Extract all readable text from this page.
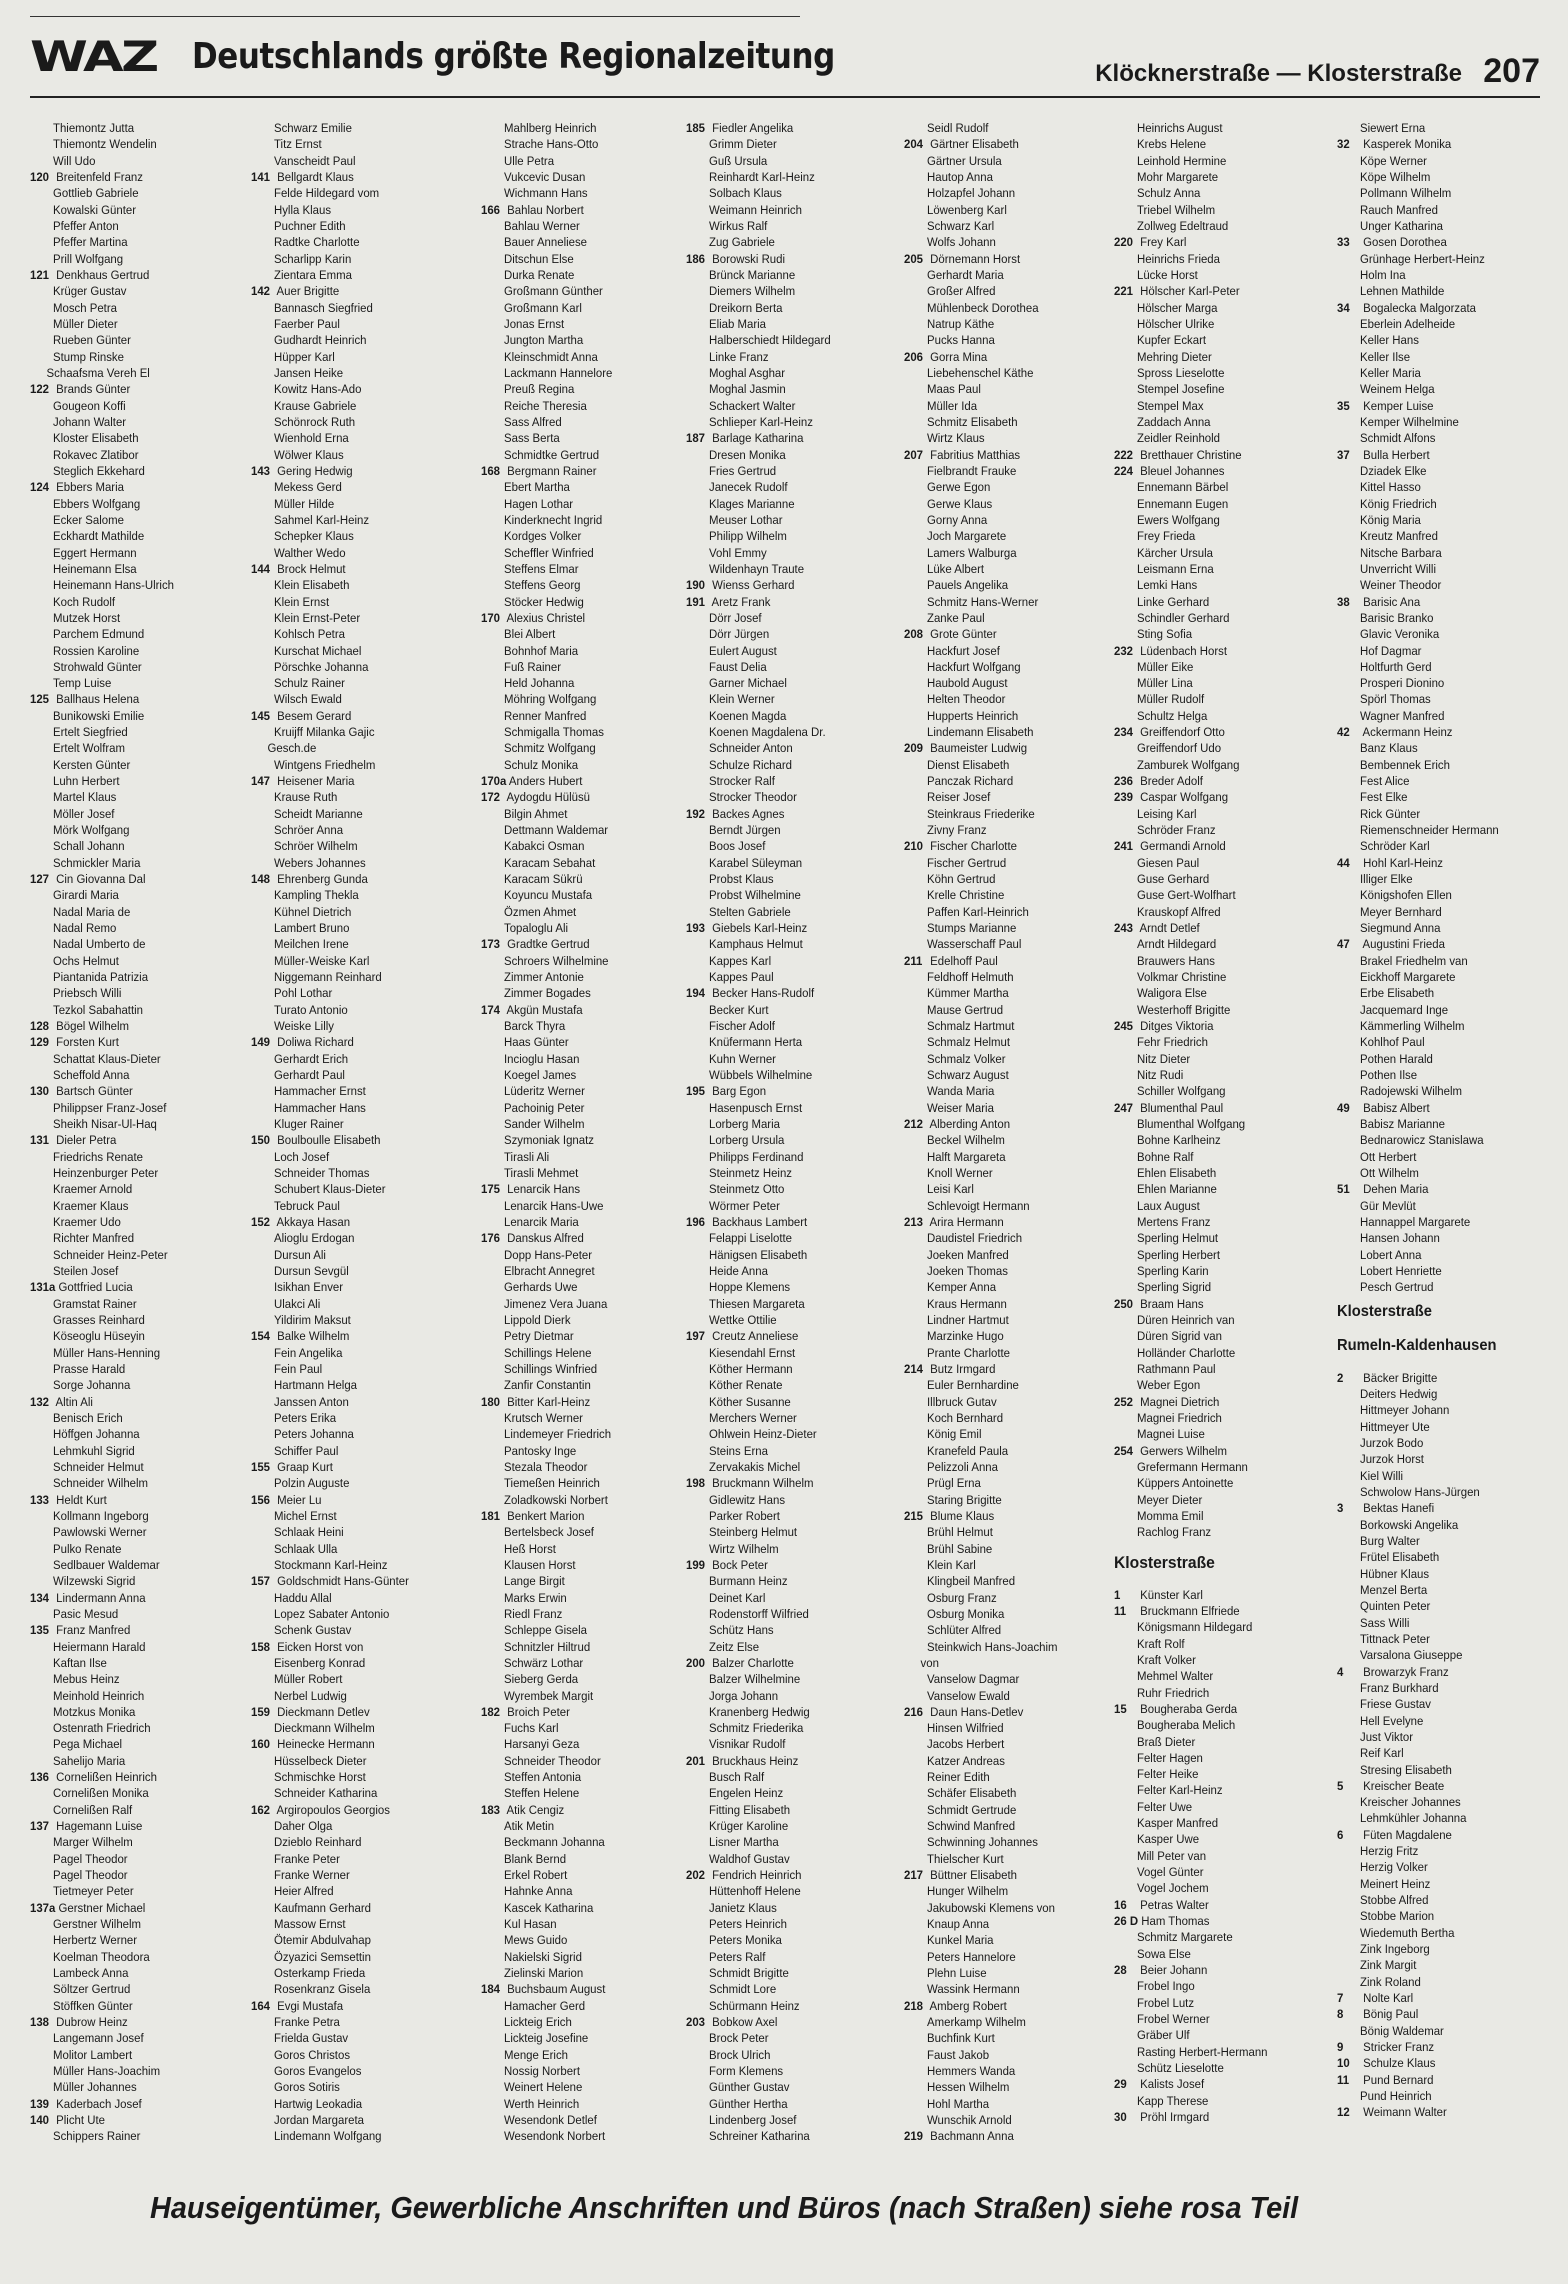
WAZ Deutschlands größte Regionalzeitung	Klöcknerstraße — Klosterstraße 207
Thiemontz Jutta
Thiemontz Wendelin
Will Udo
120 Breitenfeld Franz
Gottlieb Gabriele
Kowalski Günter
Pfeffer Anton
Pfeffer Martina
Prill Wolfgang
121 Denkhaus Gertrud
Krüger Gustav
Mosch Petra
Müller Dieter
Rueben Günter
Stump Rinske
Schaafsma Vereh El
122 Brands Günter
Gougeon Koffi
Johann Walter
Kloster Elisabeth
Rokavec Zlatibor
Steglich Ekkehard
124 Ebbers Maria
Ebbers Wolfgang
Ecker Salome
Eckhardt Mathilde
Eggert Hermann
Heinemann Elsa
Heinemann Hans-Ulrich
Koch Rudolf
Mutzek Horst
Parchem Edmund
Rossien Karoline
Strohwald Günter
Temp Luise
125 Ballhaus Helena
Bunikowski Emilie
Ertelt Siegfried
Ertelt Wolfram
Kersten Günter
Luhn Herbert
Martel Klaus
Möller Josef
Mörk Wolfgang
Schall Johann
Schmickler Maria
127 Cin Giovanna Dal
Girardi Maria
Nadal Maria de
Nadal Remo
Nadal Umberto de
Ochs Helmut
Piantanida Patrizia
Priebsch Willi
Tezkol Sabahattin
128 Bögel Wilhelm
129 Forsten Kurt
Schattat Klaus-Dieter
Scheffold Anna
130 Bartsch Günter
Philippser Franz-Josef
Sheikh Nisar-Ul-Haq
131 Dieler Petra
Friedrichs Renate
Heinzenburger Peter
Kraemer Arnold
Kraemer Klaus
Kraemer Udo
Richter Manfred
Schneider Heinz-Peter
Steilen Josef
131a Gottfried Lucia
Gramstat Rainer
Grasses Reinhard
Köseoglu Hüseyin
Müller Hans-Henning
Prasse Harald
Sorge Johanna
132 Altin Ali
Benisch Erich
Höffgen Johanna
Lehmkuhl Sigrid
Schneider Helmut
Schneider Wilhelm
133 Heldt Kurt
Kollmann Ingeborg
Pawlowski Werner
Pulko Renate
Sedlbauer Waldemar
Wilzewski Sigrid
134 Lindermann Anna
Pasic Mesud
135 Franz Manfred
Heiermann Harald
Kaftan Ilse
Mebus Heinz
Meinhold Heinrich
Motzkus Monika
Ostenrath Friedrich
Pega Michael
Sahelijo Maria
136 Cornelißen Heinrich
Cornelißen Monika
Cornelißen Ralf
137 Hagemann Luise
Marger Wilhelm
Pagel Theodor
Pagel Theodor
Tietmeyer Peter
137a Gerstner Michael
Gerstner Wilhelm
Herbertz Werner
Koelman Theodora
Lambeck Anna
Söltzer Gertrud
Stöffken Günter
138 Dubrow Heinz
Langemann Josef
Molitor Lambert
Müller Hans-Joachim
Müller Johannes
139 Kaderbach Josef
140 Plicht Ute
Schippers Rainer
Schwarz Emilie
Titz Ernst
Vanscheidt Paul
141 Bellgardt Klaus
Felde Hildegard vom
Hylla Klaus
Puchner Edith
Radtke Charlotte
Scharlipp Karin
Zientara Emma
142 Auer Brigitte
Bannasch Siegfried
Faerber Paul
Gudhardt Heinrich
Hüpper Karl
Jansen Heike
Kowitz Hans-Ado
Krause Gabriele
Schönrock Ruth
Wienhold Erna
Wölwer Klaus
143 Gering Hedwig
Mekess Gerd
Müller Hilde
Sahmel Karl-Heinz
Schepker Klaus
Walther Wedo
144 Brock Helmut
Klein Elisabeth
Klein Ernst
Klein Ernst-Peter
Kohlsch Petra
Kurschat Michael
Pörschke Johanna
Schulz Rainer
Wilsch Ewald
145 Besem Gerard
Kruijff Milanka Gajic
Gesch.de
Wintgens Friedhelm
147 Heisener Maria
Krause Ruth
Scheidt Marianne
Schröer Anna
Schröer Wilhelm
Webers Johannes
148 Ehrenberg Gunda
Kampling Thekla
Kühnel Dietrich
Lambert Bruno
Meilchen Irene
Müller-Weiske Karl
Niggemann Reinhard
Pohl Lothar
Turato Antonio
Weiske Lilly
149 Doliwa Richard
Gerhardt Erich
Gerhardt Paul
Hammacher Ernst
Hammacher Hans
Kluger Rainer
150 Boulboulle Elisabeth
Loch Josef
Schneider Thomas
Schubert Klaus-Dieter
Tebruck Paul
152 Akkaya Hasan
Alioglu Erdogan
Dursun Ali
Dursun Sevgül
Isikhan Enver
Ulakci Ali
Yildirim Maksut
154 Balke Wilhelm
Fein Angelika
Fein Paul
Hartmann Helga
Janssen Anton
Peters Erika
Peters Johanna
Schiffer Paul
155 Graap Kurt
Polzin Auguste
156 Meier Lu
Michel Ernst
Schlaak Heini
Schlaak Ulla
Stockmann Karl-Heinz
157 Goldschmidt Hans-Günter
Haddu Allal
Lopez Sabater Antonio
Schenk Gustav
158 Eicken Horst von
Eisenberg Konrad
Müller Robert
Nerbel Ludwig
159 Dieckmann Detlev
Dieckmann Wilhelm
160 Heinecke Hermann
Hüsselbeck Dieter
Schmischke Horst
Schneider Katharina
162 Argiropoulos Georgios
Daher Olga
Dzieblo Reinhard
Franke Peter
Franke Werner
Heier Alfred
Kaufmann Gerhard
Massow Ernst
Ötemir Abdulvahap
Özyazici Semsettin
Osterkamp Frieda
Rosenkranz Gisela
164 Evgi Mustafa
Franke Petra
Frielda Gustav
Goros Christos
Goros Evangelos
Goros Sotiris
Hartwig Leokadia
Jordan Margareta
Lindemann Wolfgang
Mahlberg Heinrich
Strache Hans-Otto
Ulle Petra
Vukcevic Dusan
Wichmann Hans
166 Bahlau Norbert
Bahlau Werner
Bauer Anneliese
Ditschun Else
Durka Renate
Großmann Günther
Großmann Karl
Jonas Ernst
Jungton Martha
Kleinschmidt Anna
Lackmann Hannelore
Preuß Regina
Reiche Theresia
Sass Alfred
Sass Berta
Schmidtke Gertrud
168 Bergmann Rainer
Ebert Martha
Hagen Lothar
Kinderknecht Ingrid
Kordges Volker
Scheffler Winfried
Steffens Elmar
Steffens Georg
Stöcker Hedwig
170 Alexius Christel
Blei Albert
Bohnhof Maria
Fuß Rainer
Held Johanna
Möhring Wolfgang
Renner Manfred
Schmigalla Thomas
Schmitz Wolfgang
Schulz Monika
170a Anders Hubert
172 Aydogdu Hülüsü
Bilgin Ahmet
Dettmann Waldemar
Kabakci Osman
Karacam Sebahat
Karacam Sükrü
Koyuncu Mustafa
Özmen Ahmet
Topaloglu Ali
173 Gradtke Gertrud
Schroers Wilhelmine
Zimmer Antonie
Zimmer Bogades
174 Akgün Mustafa
Barck Thyra
Haas Günter
Incioglu Hasan
Koegel James
Lüderitz Werner
Pachoinig Peter
Sander Wilhelm
Szymoniak Ignatz
Tirasli Ali
Tirasli Mehmet
175 Lenarcik Hans
Lenarcik Hans-Uwe
Lenarcik Maria
176 Danskus Alfred
Dopp Hans-Peter
Elbracht Annegret
Gerhards Uwe
Jimenez Vera Juana
Lippold Dierk
Petry Dietmar
Schillings Helene
Schillings Winfried
Zanfir Constantin
180 Bitter Karl-Heinz
Krutsch Werner
Lindemeyer Friedrich
Pantosky Inge
Stezala Theodor
Tiemeßen Heinrich
Zoladkowski Norbert
181 Benkert Marion
Bertelsbeck Josef
Heß Horst
Klausen Horst
Lange Birgit
Marks Erwin
Riedl Franz
Schleppe Gisela
Schnitzler Hiltrud
Schwärz Lothar
Sieberg Gerda
Wyrembek Margit
182 Broich Peter
Fuchs Karl
Harsanyi Geza
Schneider Theodor
Steffen Antonia
Steffen Helene
183 Atik Cengiz
Atik Metin
Beckmann Johanna
Blank Bernd
Erkel Robert
Hahnke Anna
Kascek Katharina
Kul Hasan
Mews Guido
Nakielski Sigrid
Zielinski Marion
184 Buchsbaum August
Hamacher Gerd
Lickteig Erich
Lickteig Josefine
Menge Erich
Nossig Norbert
Weinert Helene
Werth Heinrich
Wesendonk Detlef
Wesendonk Norbert
185 Fiedler Angelika
Grimm Dieter
Guß Ursula
Reinhardt Karl-Heinz
Solbach Klaus
Weimann Heinrich
Wirkus Ralf
Zug Gabriele
186 Borowski Rudi
Brünck Marianne
Diemers Wilhelm
Dreikorn Berta
Eliab Maria
Halberschiedt Hildegard
Linke Franz
Moghal Asghar
Moghal Jasmin
Schackert Walter
Schlieper Karl-Heinz
187 Barlage Katharina
Dresen Monika
Fries Gertrud
Janecek Rudolf
Klages Marianne
Meuser Lothar
Philipp Wilhelm
Vohl Emmy
Wildenhayn Traute
190 Wienss Gerhard
191 Aretz Frank
Dörr Josef
Dörr Jürgen
Eulert August
Faust Delia
Garner Michael
Klein Werner
Koenen Magda
Koenen Magdalena Dr.
Schneider Anton
Schulze Richard
Strocker Ralf
Strocker Theodor
192 Backes Agnes
Berndt Jürgen
Boos Josef
Karabel Süleyman
Probst Klaus
Probst Wilhelmine
Stelten Gabriele
193 Giebels Karl-Heinz
Kamphaus Helmut
Kappes Karl
Kappes Paul
194 Becker Hans-Rudolf
Becker Kurt
Fischer Adolf
Knüfermann Herta
Kuhn Werner
Wübbels Wilhelmine
195 Barg Egon
Hasenpusch Ernst
Lorberg Maria
Lorberg Ursula
Philipps Ferdinand
Steinmetz Heinz
Steinmetz Otto
Wörmer Peter
196 Backhaus Lambert
Felappi Liselotte
Hänigsen Elisabeth
Heide Anna
Hoppe Klemens
Thiesen Margareta
Wettke Ottilie
197 Creutz Anneliese
Kiesendahl Ernst
Köther Hermann
Köther Renate
Köther Susanne
Merchers Werner
Ohlwein Heinz-Dieter
Steins Erna
Zervakakis Michel
198 Bruckmann Wilhelm
Gidlewitz Hans
Parker Robert
Steinberg Helmut
Wirtz Wilhelm
199 Bock Peter
Burmann Heinz
Deinet Karl
Rodenstorff Wilfried
Schütz Hans
Zeitz Else
200 Balzer Charlotte
Balzer Wilhelmine
Jorga Johann
Kranenberg Hedwig
Schmitz Friederika
Visnikar Rudolf
201 Bruckhaus Heinz
Busch Ralf
Engelen Heinz
Fitting Elisabeth
Krüger Karoline
Lisner Martha
Waldhof Gustav
202 Fendrich Heinrich
Hüttenhoff Helene
Janietz Klaus
Peters Heinrich
Peters Monika
Peters Ralf
Schmidt Brigitte
Schmidt Lore
Schürmann Heinz
203 Bobkow Axel
Brock Peter
Brock Ulrich
Form Klemens
Günther Gustav
Günther Hertha
Lindenberg Josef
Schreiner Katharina
Seidl Rudolf
204 Gärtner Elisabeth
Gärtner Ursula
Hautop Anna
Holzapfel Johann
Löwenberg Karl
Schwarz Karl
Wolfs Johann
205 Dörnemann Horst
Gerhardt Maria
Großer Alfred
Mühlenbeck Dorothea
Natrup Käthe
Pucks Hanna
206 Gorra Mina
Liebehenschel Käthe
Maas Paul
Müller Ida
Schmitz Elisabeth
Wirtz Klaus
207 Fabritius Matthias
Fielbrandt Frauke
Gerwe Egon
Gerwe Klaus
Gorny Anna
Joch Margarete
Lamers Walburga
Lüke Albert
Pauels Angelika
Schmitz Hans-Werner
Zanke Paul
208 Grote Günter
Hackfurt Josef
Hackfurt Wolfgang
Haubold August
Helten Theodor
Hupperts Heinrich
Lindemann Elisabeth
209 Baumeister Ludwig
Dienst Elisabeth
Panczak Richard
Reiser Josef
Steinkraus Friederike
Zivny Franz
210 Fischer Charlotte
Fischer Gertrud
Köhn Gertrud
Krelle Christine
Paffen Karl-Heinrich
Stumps Marianne
Wasserschaff Paul
211 Edelhoff Paul
Feldhoff Helmuth
Kümmer Martha
Mause Gertrud
Schmalz Hartmut
Schmalz Helmut
Schmalz Volker
Schwarz August
Wanda Maria
Weiser Maria
212 Alberding Anton
Beckel Wilhelm
Halft Margareta
Knoll Werner
Leisi Karl
Schlevoigt Hermann
213 Arira Hermann
Daudistel Friedrich
Joeken Manfred
Joeken Thomas
Kemper Anna
Kraus Hermann
Lindner Hartmut
Marzinke Hugo
Prante Charlotte
214 Butz Irmgard
Euler Bernhardine
Illbruck Gutav
Koch Bernhard
König Emil
Kranefeld Paula
Pelizzoli Anna
Prügl Erna
Staring Brigitte
215 Blume Klaus
Brühl Helmut
Brühl Sabine
Klein Karl
Klingbeil Manfred
Osburg Franz
Osburg Monika
Schlüter Alfred
Steinkwich Hans-Joachim
von
Vanselow Dagmar
Vanselow Ewald
216 Daun Hans-Detlev
Hinsen Wilfried
Jacobs Herbert
Katzer Andreas
Reiner Edith
Schäfer Elisabeth
Schmidt Gertrude
Schwind Manfred
Schwinning Johannes
Thielscher Kurt
217 Büttner Elisabeth
Hunger Wilhelm
Jakubowski Klemens von
Knaup Anna
Kunkel Maria
Peters Hannelore
Plehn Luise
Wassink Hermann
218 Amberg Robert
Amerkamp Wilhelm
Buchfink Kurt
Faust Jakob
Hemmers Wanda
Hessen Wilhelm
Hohl Martha
Wunschik Arnold
219 Bachmann Anna
Heinrichs August
Krebs Helene
Leinhold Hermine
Mohr Margarete
Schulz Anna
Triebel Wilhelm
Zollweg Edeltraud
220 Frey Karl
Heinrichs Frieda
Lücke Horst
221 Hölscher Karl-Peter
Hölscher Marga
Hölscher Ulrike
Kupfer Eckart
Mehring Dieter
Spross Lieselotte
Stempel Josefine
Stempel Max
Zaddach Anna
Zeidler Reinhold
222 Bretthauer Christine
224 Bleuel Johannes
Ennemann Bärbel
Ennemann Eugen
Ewers Wolfgang
Frey Frieda
Kärcher Ursula
Leismann Erna
Lemki Hans
Linke Gerhard
Schindler Gerhard
Sting Sofia
232 Lüdenbach Horst
Müller Eike
Müller Lina
Müller Rudolf
Schultz Helga
234 Greiffendorf Otto
Greiffendorf Udo
Zamburek Wolfgang
236 Breder Adolf
239 Caspar Wolfgang
Leising Karl
Schröder Franz
241 Germandi Arnold
Giesen Paul
Guse Gerhard
Guse Gert-Wolfhart
Krauskopf Alfred
243 Arndt Detlef
Arndt Hildegard
Brauwers Hans
Volkmar Christine
Waligora Else
Westerhoff Brigitte
245 Ditges Viktoria
Fehr Friedrich
Nitz Dieter
Nitz Rudi
Schiller Wolfgang
247 Blumenthal Paul
Blumenthal Wolfgang
Bohne Karlheinz
Bohne Ralf
Ehlen Elisabeth
Ehlen Marianne
Laux August
Mertens Franz
Sperling Helmut
Sperling Herbert
Sperling Karin
Sperling Sigrid
250 Braam Hans
Düren Heinrich van
Düren Sigrid van
Holländer Charlotte
Rathmann Paul
Weber Egon
252 Magnei Dietrich
Magnei Friedrich
Magnei Luise
254 Gerwers Wilhelm
Grefermann Hermann
Küppers Antoinette
Meyer Dieter
Momma Emil
Rachlog Franz
Klosterstraße
1 Künster Karl
11 Bruckmann Elfriede
Königsmann Hildegard
Kraft Rolf
Kraft Volker
Mehmel Walter
Ruhr Friedrich
15 Bougheraba Gerda
Bougheraba Melich
Braß Dieter
Felter Hagen
Felter Heike
Felter Karl-Heinz
Felter Uwe
Kasper Manfred
Kasper Uwe
Mill Peter van
Vogel Günter
Vogel Jochem
16 Petras Walter
26 D Ham Thomas
Schmitz Margarete
Sowa Else
28 Beier Johann
Frobel Ingo
Frobel Lutz
Frobel Werner
Gräber Ulf
Rasting Herbert-Hermann
Schütz Lieselotte
29 Kalists Josef
Kapp Therese
30 Pröhl Irmgard
Siewert Erna
32 Kasperek Monika
Köpe Werner
Köpe Wilhelm
Pollmann Wilhelm
Rauch Manfred
Unger Katharina
33 Gosen Dorothea
Grünhage Herbert-Heinz
Holm Ina
Lehnen Mathilde
34 Bogalecka Malgorzata
Eberlein Adelheide
Keller Hans
Keller Ilse
Keller Maria
Weinem Helga
35 Kemper Luise
Kemper Wilhelmine
Schmidt Alfons
37 Bulla Herbert
Dziadek Elke
Kittel Hasso
König Friedrich
König Maria
Kreutz Manfred
Nitsche Barbara
Unverricht Willi
Weiner Theodor
38 Barisic Ana
Barisic Branko
Glavic Veronika
Hof Dagmar
Holtfurth Gerd
Prosperi Dionino
Spörl Thomas
Wagner Manfred
42 Ackermann Heinz
Banz Klaus
Bembennek Erich
Fest Alice
Fest Elke
Rick Günter
Riemenschneider Hermann
Schröder Karl
44 Hohl Karl-Heinz
Illiger Elke
Königshofen Ellen
Meyer Bernhard
Siegmund Anna
47 Augustini Frieda
Brakel Friedhelm van
Eickhoff Margarete
Erbe Elisabeth
Jacquemard Inge
Kämmerling Wilhelm
Kohlhof Paul
Pothen Harald
Pothen Ilse
Radojewski Wilhelm
49 Babisz Albert
Babisz Marianne
Bednarowicz Stanislawa
Ott Herbert
Ott Wilhelm
51 Dehen Maria
Gür Mevlüt
Hannappel Margarete
Hansen Johann
Lobert Anna
Lobert Henriette
Pesch Gertrud
Klosterstraße
Rumeln-Kaldenhausen
2 Bäcker Brigitte
Deiters Hedwig
Hittmeyer Johann
Hittmeyer Ute
Jurzok Bodo
Jurzok Horst
Kiel Willi
Schwolow Hans-Jürgen
3 Bektas Hanefi
Borkowski Angelika
Burg Walter
Frütel Elisabeth
Hübner Klaus
Menzel Berta
Quinten Peter
Sass Willi
Tittnack Peter
Varsalona Giuseppe
4 Browarzyk Franz
Franz Burkhard
Friese Gustav
Hell Evelyne
Just Viktor
Reif Karl
Stresing Elisabeth
5 Kreischer Beate
Kreischer Johannes
Lehmkühler Johanna
6 Füten Magdalene
Herzig Fritz
Herzig Volker
Meinert Heinz
Stobbe Alfred
Stobbe Marion
Wiedemuth Bertha
Zink Ingeborg
Zink Margit
Zink Roland
7 Nolte Karl
8 Bönig Paul
Bönig Waldemar
9 Stricker Franz
10 Schulze Klaus
11 Pund Bernard
Pund Heinrich
12 Weimann Walter
Hauseigentümer, Gewerbliche Anschriften und Büros (nach Straßen) siehe rosa Teil
